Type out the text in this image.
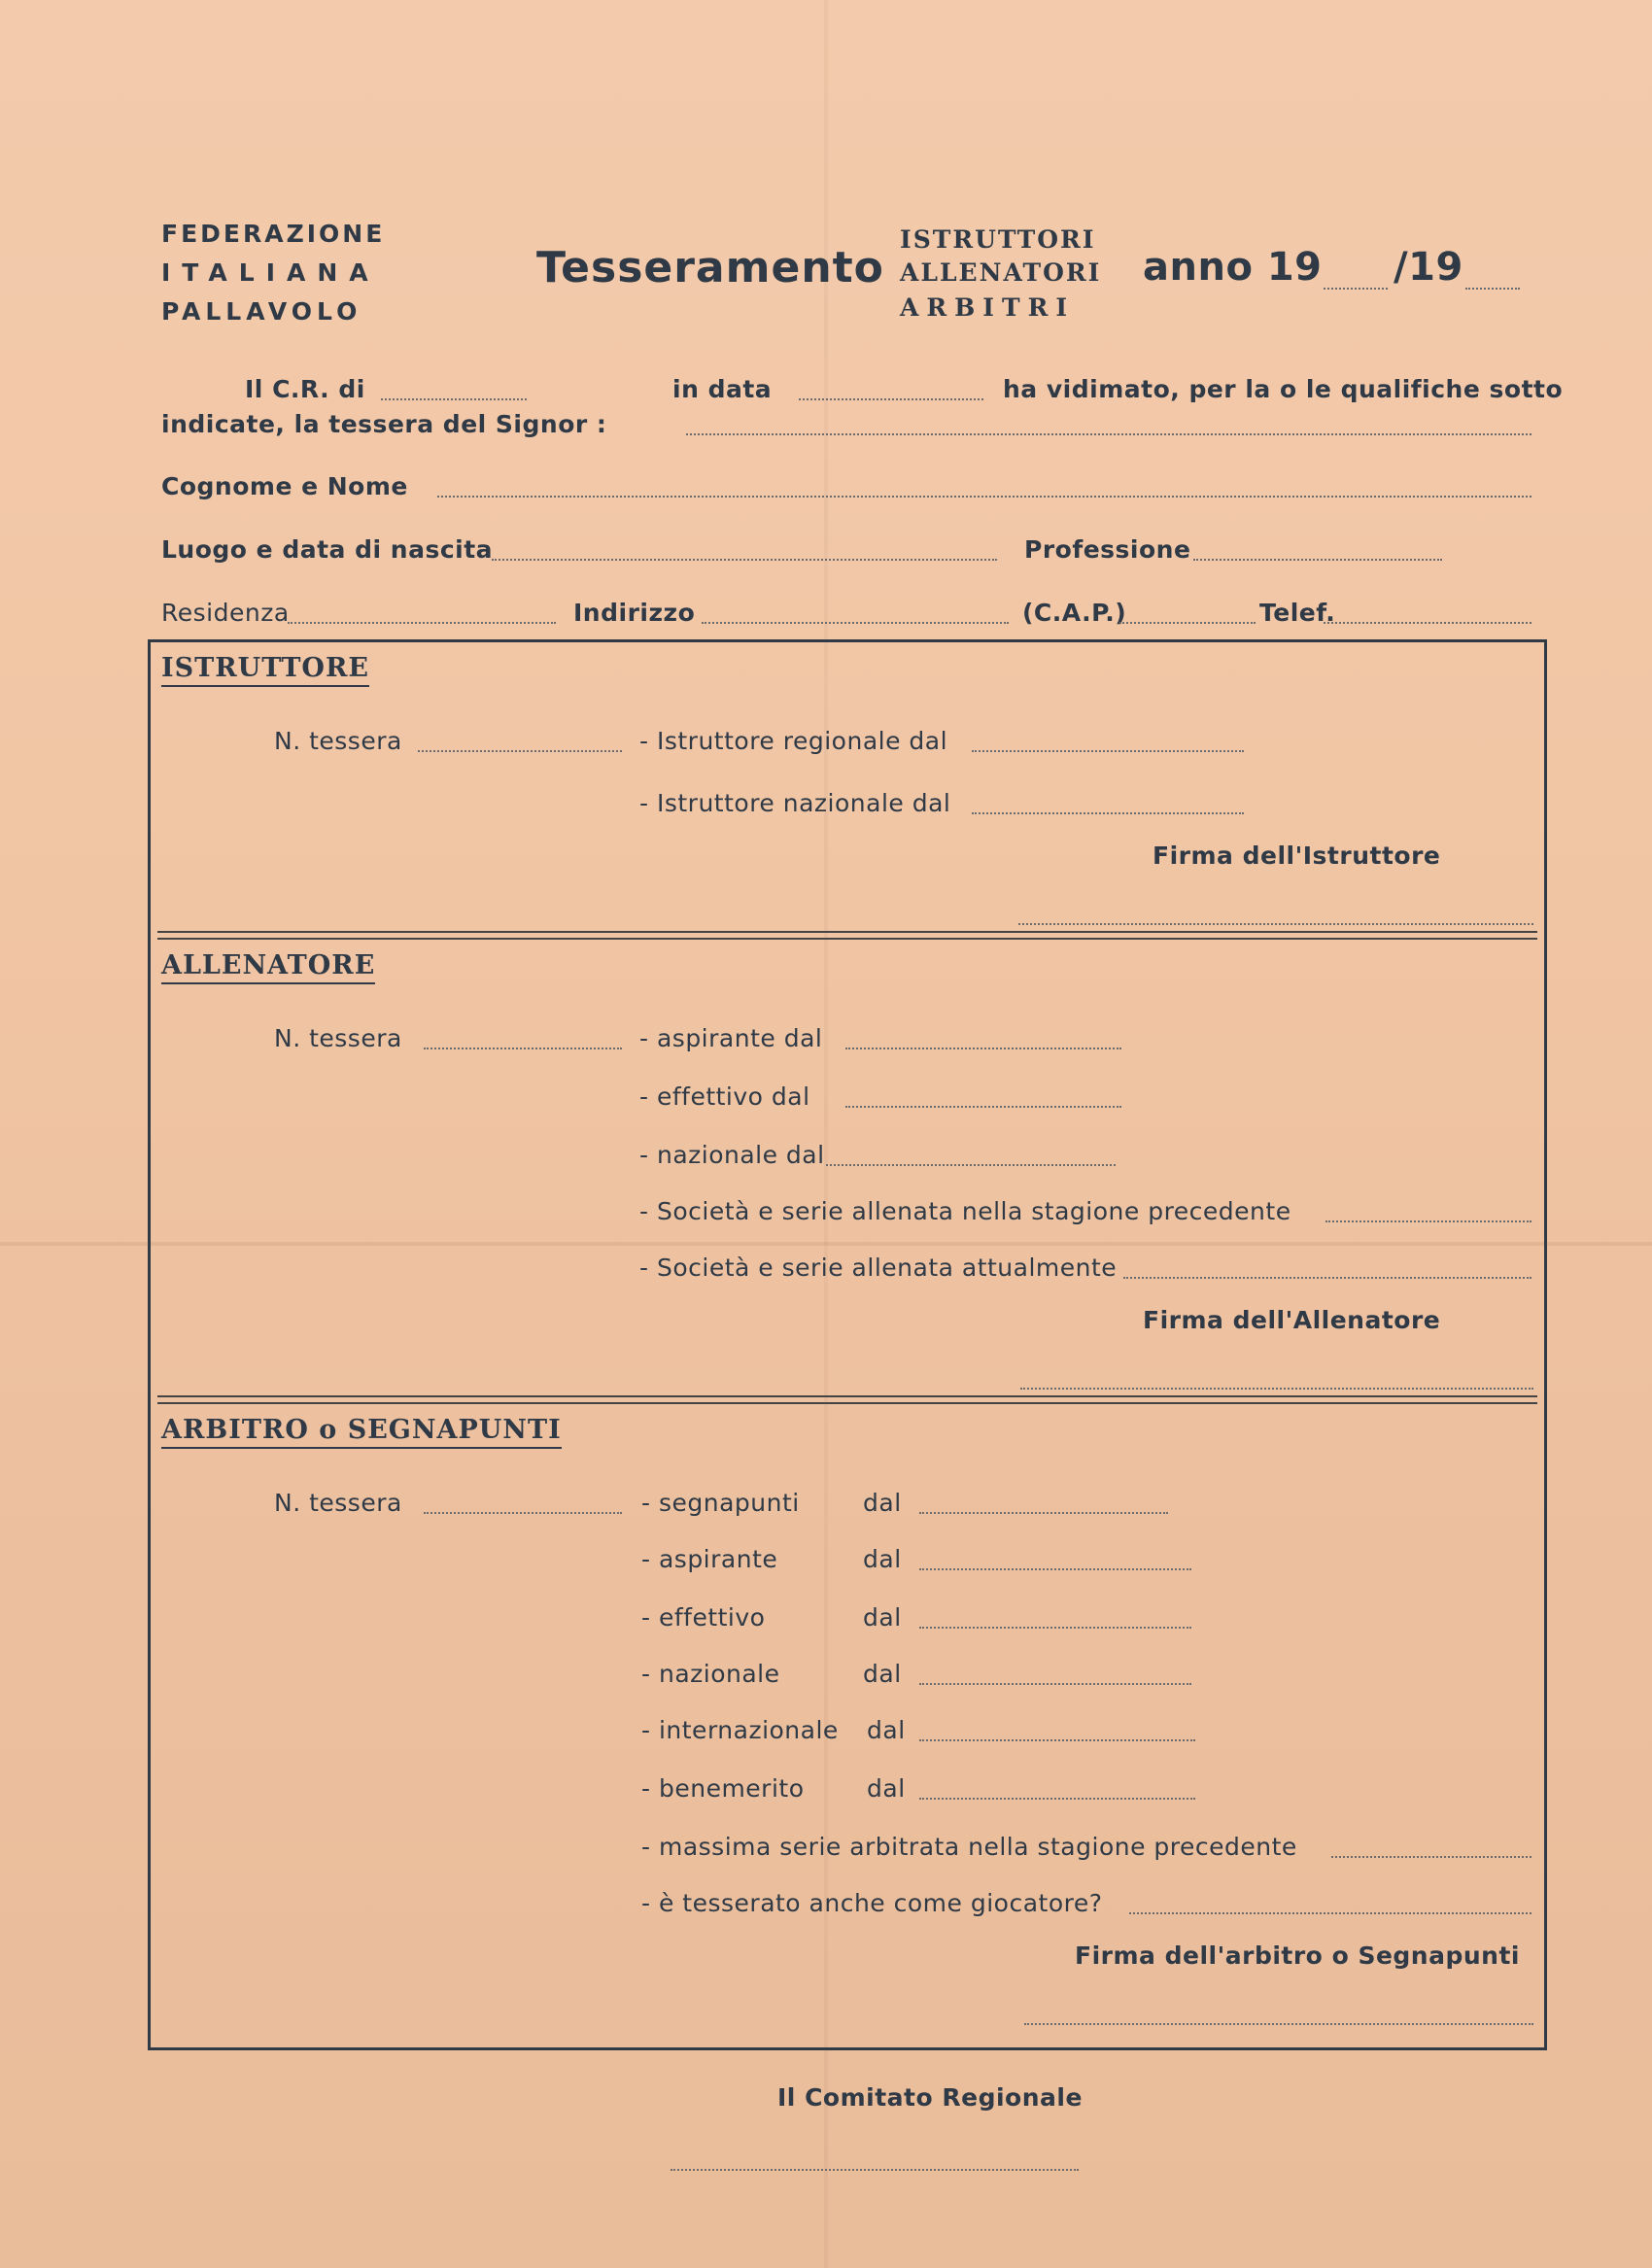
FEDERAZIONE
ITALIANA
PALLAVOLO
Tesseramento
ISTRUTTORI
ALLENATORI
ARBITRI
anno 19 /19
Il C.R. di	in data	ha vidimato, per la o le qualifiche sotto
indicate, la tessera del Signor :
Cognome e Nome
Luogo e data di nascita	Professione
Residenza	Indirizzo	(C.A.P.)	Telef.
ISTRUTTORE
N. tessera	- Istruttore regionale dal
- Istruttore nazionale dal
Firma dell'Istruttore
ALLENATORE
N. tessera	- aspirante dal
- effettivo dal
- nazionale dal
- Società e serie allenata nella stagione precedente
- Società e serie allenata attualmente
Firma dell'Allenatore
ARBITRO o SEGNAPUNTI
N. tessera	- segnapunti	dal
- aspirante	dal
- effettivo	dal
- nazionale	dal
- internazionale dal
- benemerito	dal
- massima serie arbitrata nella stagione precedente
- è tesserato anche come giocatore?
Firma dell'arbitro o Segnapunti
Il Comitato Regionale
